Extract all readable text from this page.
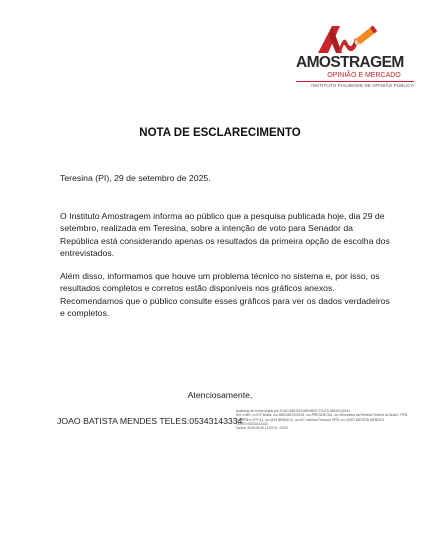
AMOSTRAGEM
OPINIÃO E MERCADO
INSTITUTO PIAUIENSE DE OPINIÃO PÚBLICA
NOTA DE ESCLARECIMENTO
Teresina (PI), 29 de setembro de 2025.
O Instituto Amostragem informa ao público que a pesquisa publicada hoje, dia 29 de setembro, realizada em Teresina, sobre a intenção de voto para Senador da República está considerando apenas os resultados da primeira opção de escolha dos entrevistados.
Além disso, informamos que houve um problema técnico no sistema e, por isso, os resultados completos e corretos estão disponíveis nos gráficos anexos. Recomendamos que o público consulte esses gráficos para ver os dados verdadeiros e completos.
Atenciosamente,
JOAO BATISTA MENDES TELES:05343143334
Assinado de forma digital por JOAO BATISTA MENDES TELES:05343143334
DN: c=BR, o=ICP-Brasil, ou=26604847000194, ou=PRESENCIAL, ou=Secretaria da Receita Federal do Brasil - RFB,
ou=RFB e-CPF A1, ou=(EM BRANCO), ou=AC Instituto Fenacon RFB, cn=JOAO BATISTA MENDES TELES:05343143334
Dados: 2025.09.29 14:00:21 -03'00'
